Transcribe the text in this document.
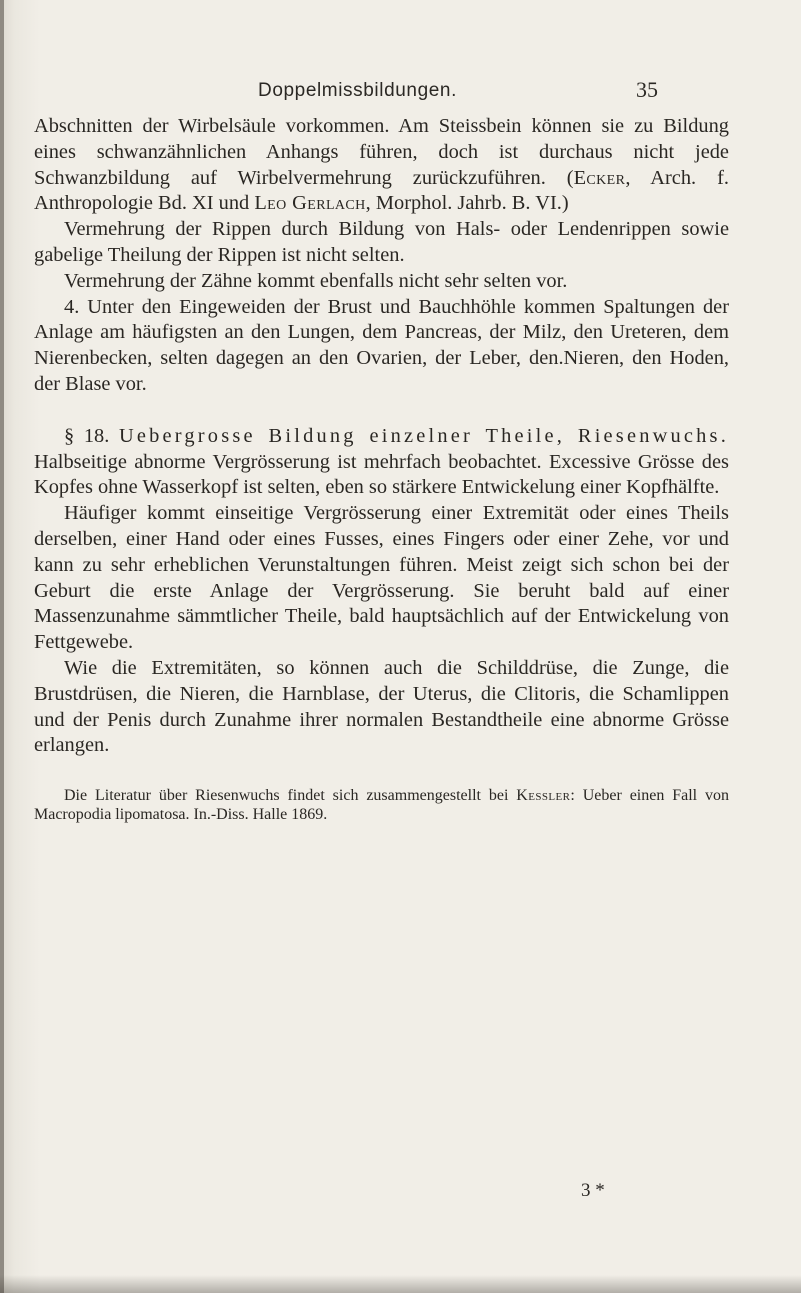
Doppelmissbildungen.	35

Abschnitten der Wirbelsäule vorkommen. Am Steissbein können sie zu Bildung eines schwanzähnlichen Anhangs führen, doch ist durchaus nicht jede Schwanzbildung auf Wirbelvermehrung zurückzuführen. (Ecker, Arch. f. Anthropologie Bd. XI und Leo Gerlach, Morphol. Jahrb. B. VI.)

Vermehrung der Rippen durch Bildung von Hals- oder Lendenrippen sowie gabelige Theilung der Rippen ist nicht selten.

Vermehrung der Zähne kommt ebenfalls nicht sehr selten vor.

4. Unter den Eingeweiden der Brust und Bauchhöhle kommen Spaltungen der Anlage am häufigsten an den Lungen, dem Pancreas, der Milz, den Ureteren, dem Nierenbecken, selten dagegen an den Ovarien, der Leber, den.Nieren, den Hoden, der Blase vor.

§ 18. Uebergrosse Bildung einzelner Theile, Riesenwuchs. Halbseitige abnorme Vergrösserung ist mehrfach beobachtet. Excessive Grösse des Kopfes ohne Wasserkopf ist selten, eben so stärkere Entwickelung einer Kopfhälfte.

Häufiger kommt einseitige Vergrösserung einer Extremität oder eines Theils derselben, einer Hand oder eines Fusses, eines Fingers oder einer Zehe, vor und kann zu sehr erheblichen Verunstaltungen führen. Meist zeigt sich schon bei der Geburt die erste Anlage der Vergrösserung. Sie beruht bald auf einer Massenzunahme sämmtlicher Theile, bald hauptsächlich auf der Entwickelung von Fettgewebe.

Wie die Extremitäten, so können auch die Schilddrüse, die Zunge, die Brustdrüsen, die Nieren, die Harnblase, der Uterus, die Clitoris, die Schamlippen und der Penis durch Zunahme ihrer normalen Bestandtheile eine abnorme Grösse erlangen.

Die Literatur über Riesenwuchs findet sich zusammengestellt bei Kessler: Ueber einen Fall von Macropodia lipomatosa. In.-Diss. Halle 1869.

3 *
